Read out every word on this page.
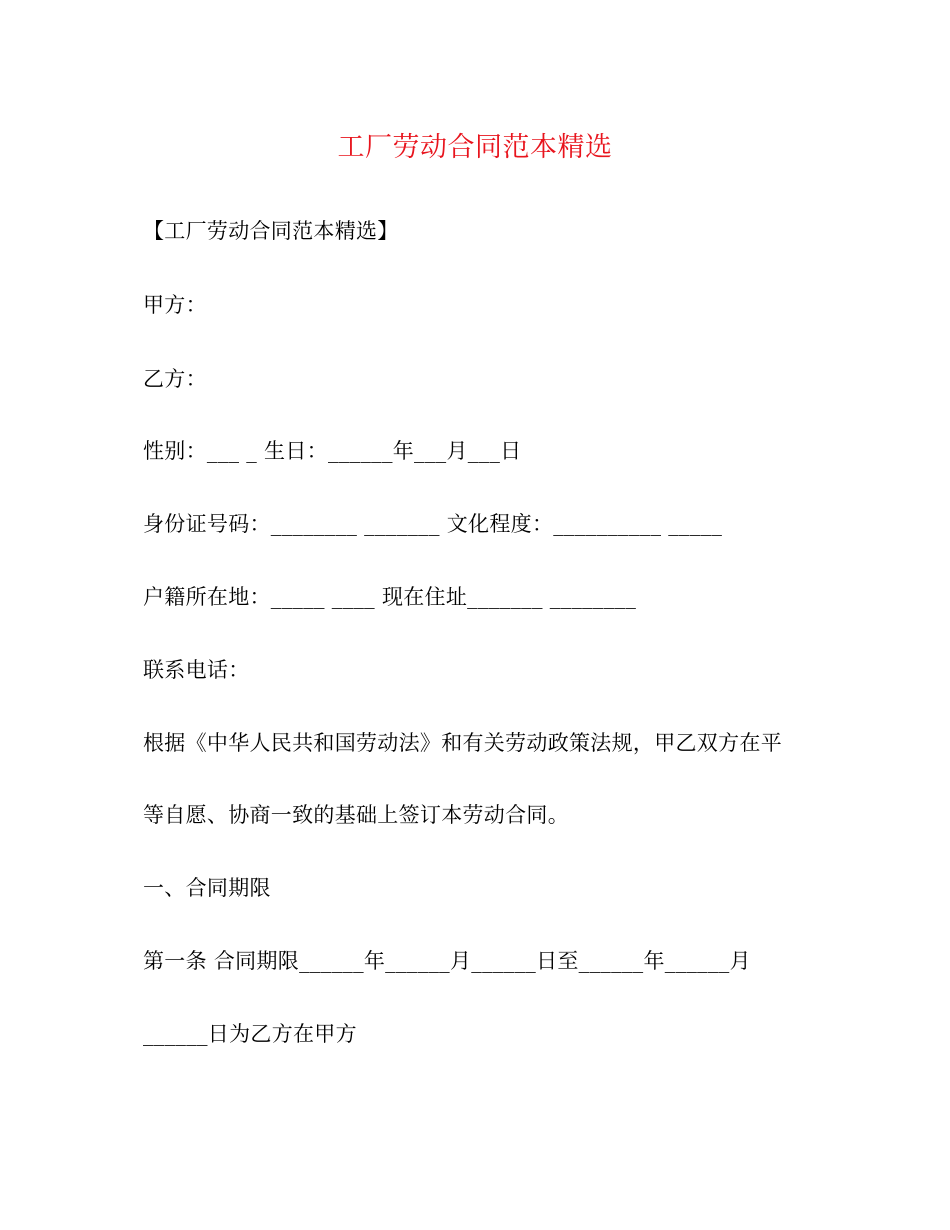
工厂劳动合同范本精选
【工厂劳动合同范本精选】
甲方：
乙方：
性别：___ _ 生日：______年___月___日
身份证号码：________ _______ 文化程度：__________ _____
户籍所在地：_____ ____ 现在住址_______ ________
联系电话：
根据《中华人民共和国劳动法》和有关劳动政策法规，甲乙双方在平
等自愿、协商一致的基础上签订本劳动合同。
一、合同期限
第一条 合同期限______年______月______日至______年______月
______日为乙方在甲方
